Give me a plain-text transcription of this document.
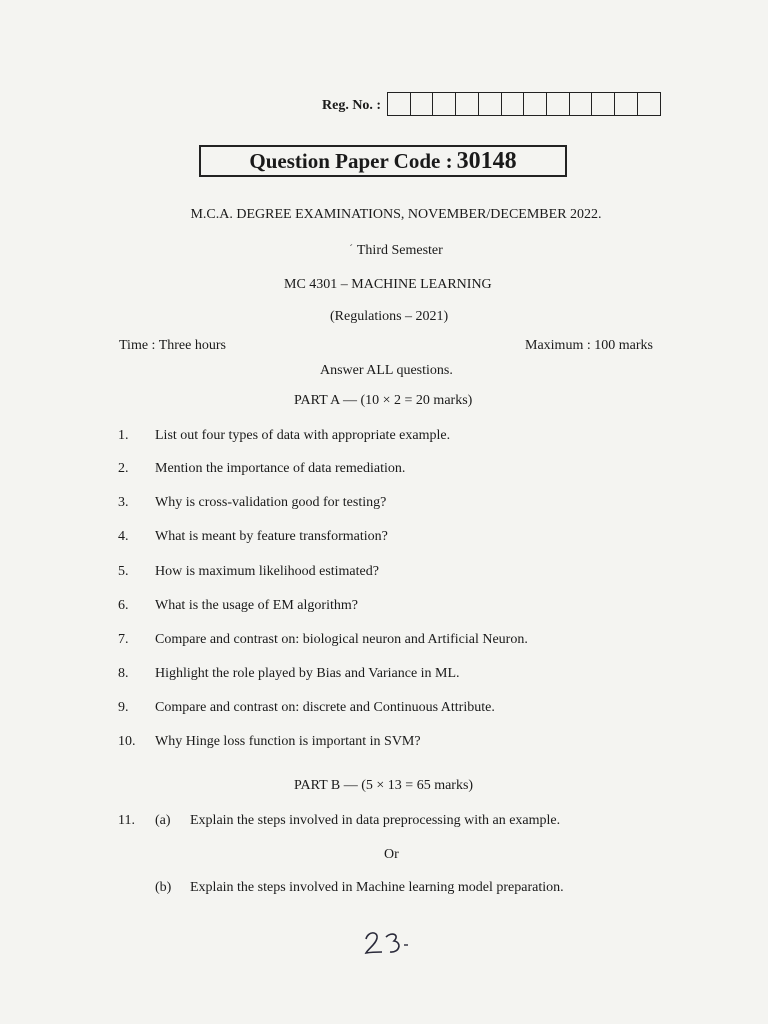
Reg. No. :
Question Paper Code : 30148
M.C.A. DEGREE EXAMINATIONS, NOVEMBER/DECEMBER 2022.
´ Third Semester
MC 4301 – MACHINE LEARNING
(Regulations – 2021)
Time : Three hours	Maximum : 100 marks
Answer ALL questions.
PART A — (10 × 2 = 20 marks)
1. List out four types of data with appropriate example.
2. Mention the importance of data remediation.
3. Why is cross-validation good for testing?
4. What is meant by feature transformation?
5. How is maximum likelihood estimated?
6. What is the usage of EM algorithm?
7. Compare and contrast on: biological neuron and Artificial Neuron.
8. Highlight the role played by Bias and Variance in ML.
9. Compare and contrast on: discrete and Continuous Attribute.
10. Why Hinge loss function is important in SVM?
PART B — (5 × 13 = 65 marks)
11. (a) Explain the steps involved in data preprocessing with an example.
Or
(b) Explain the steps involved in Machine learning model preparation.
